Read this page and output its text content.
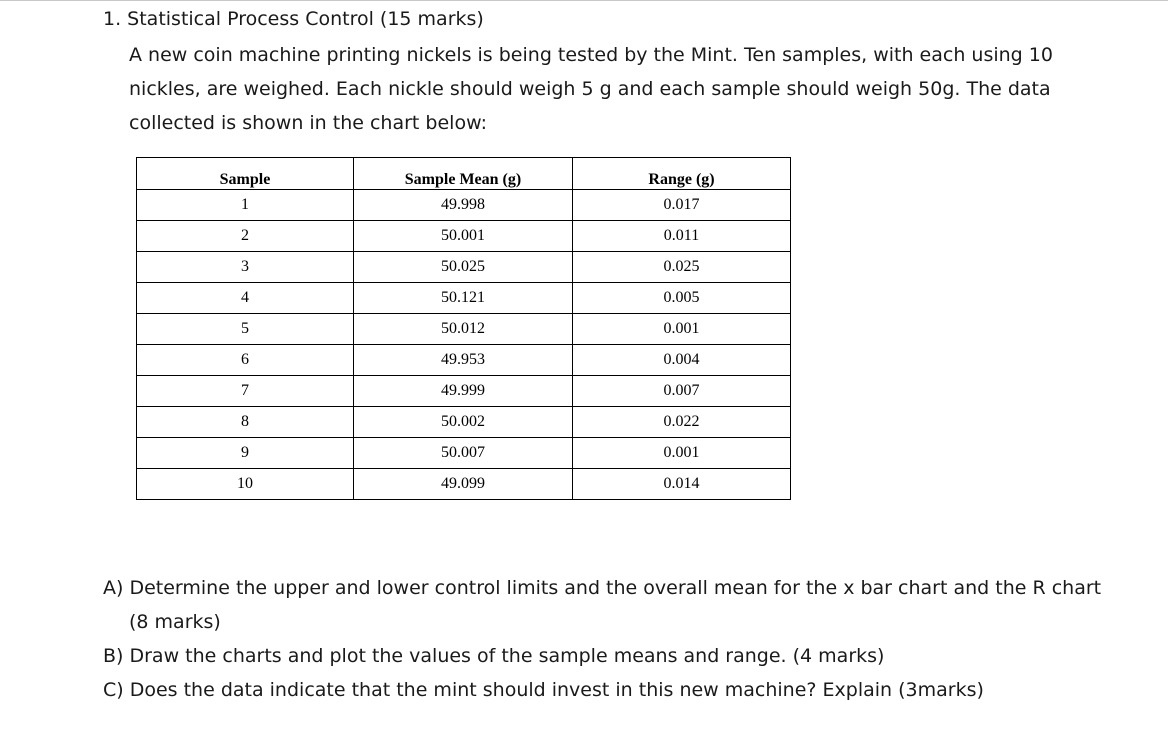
1. Statistical Process Control (15 marks)
A new coin machine printing nickels is being tested by the Mint. Ten samples, with each using 10
nickles, are weighed. Each nickle should weigh 5 g and each sample should weigh 50g. The data
collected is shown in the chart below:
Sample	Sample Mean (g)	Range (g)
1	49.998	0.017
2	50.001	0.011
3	50.025	0.025
4	50.121	0.005
5	50.012	0.001
6	49.953	0.004
7	49.999	0.007
8	50.002	0.022
9	50.007	0.001
10	49.099	0.014
A) Determine the upper and lower control limits and the overall mean for the x bar chart and the R chart
(8 marks)
B) Draw the charts and plot the values of the sample means and range. (4 marks)
C) Does the data indicate that the mint should invest in this new machine? Explain (3marks)
